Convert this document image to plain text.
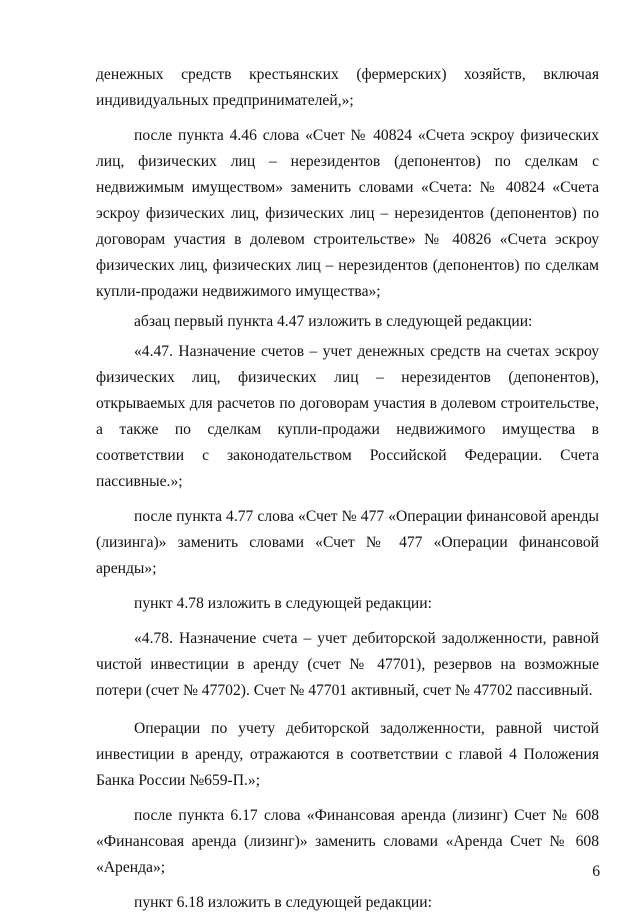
денежных средств крестьянских (фермерских) хозяйств, включая индивидуальных предпринимателей,»;

после пункта 4.46 слова «Счет № 40824 «Счета эскроу физических лиц, физических лиц – нерезидентов (депонентов) по сделкам с недвижимым имуществом» заменить словами «Счета: № 40824 «Счета эскроу физических лиц, физических лиц – нерезидентов (депонентов) по договорам участия в долевом строительстве» № 40826 «Счета эскроу физических лиц, физических лиц – нерезидентов (депонентов) по сделкам купли-продажи недвижимого имущества»;

абзац первый пункта 4.47 изложить в следующей редакции:

«4.47. Назначение счетов – учет денежных средств на счетах эскроу физических лиц, физических лиц – нерезидентов (депонентов), открываемых для расчетов по договорам участия в долевом строительстве, а также по сделкам купли-продажи недвижимого имущества в соответствии с законодательством Российской Федерации. Счета пассивные.»;

после пункта 4.77 слова «Счет № 477 «Операции финансовой аренды (лизинга)» заменить словами «Счет № 477 «Операции финансовой аренды»;

пункт 4.78 изложить в следующей редакции:

«4.78. Назначение счета – учет дебиторской задолженности, равной чистой инвестиции в аренду (счет № 47701), резервов на возможные потери (счет № 47702). Счет № 47701 активный, счет № 47702 пассивный.

Операции по учету дебиторской задолженности, равной чистой инвестиции в аренду, отражаются в соответствии с главой 4 Положения Банка России №659-П.»;

после пункта 6.17 слова «Финансовая аренда (лизинг) Счет № 608 «Финансовая аренда (лизинг)» заменить словами «Аренда Счет № 608 «Аренда»;

пункт 6.18 изложить в следующей редакции:

6
